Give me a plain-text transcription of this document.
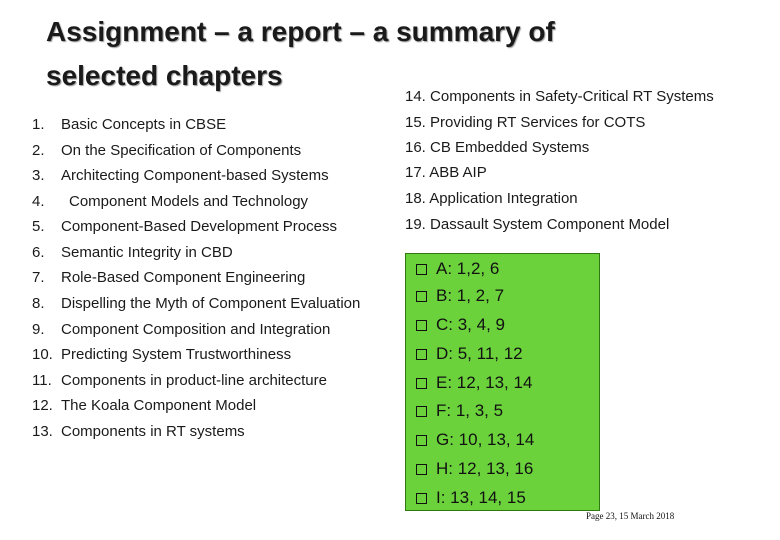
Assignment – a report – a summary of
selected chapters
1. Basic Concepts in CBSE
2. On the Specification of Components
3. Architecting Component-based Systems
4. Component Models and Technology
5. Component-Based Development Process
6. Semantic Integrity in CBD
7. Role-Based Component Engineering
8. Dispelling the Myth of Component Evaluation
9. Component Composition and Integration
10. Predicting System Trustworthiness
11. Components in product-line architecture
12. The Koala Component Model
13. Components in RT systems
14. Components in Safety-Critical RT Systems
15. Providing RT Services for COTS
16. CB Embedded Systems
17. ABB AIP
18. Application Integration
19. Dassault System Component Model
A: 1,2, 6
B: 1, 2, 7
C: 3, 4, 9
D: 5, 11, 12
E: 12, 13, 14
F: 1, 3, 5
G: 10, 13, 14
H: 12, 13, 16
I: 13, 14, 15
Page 23, 15 March 2018
